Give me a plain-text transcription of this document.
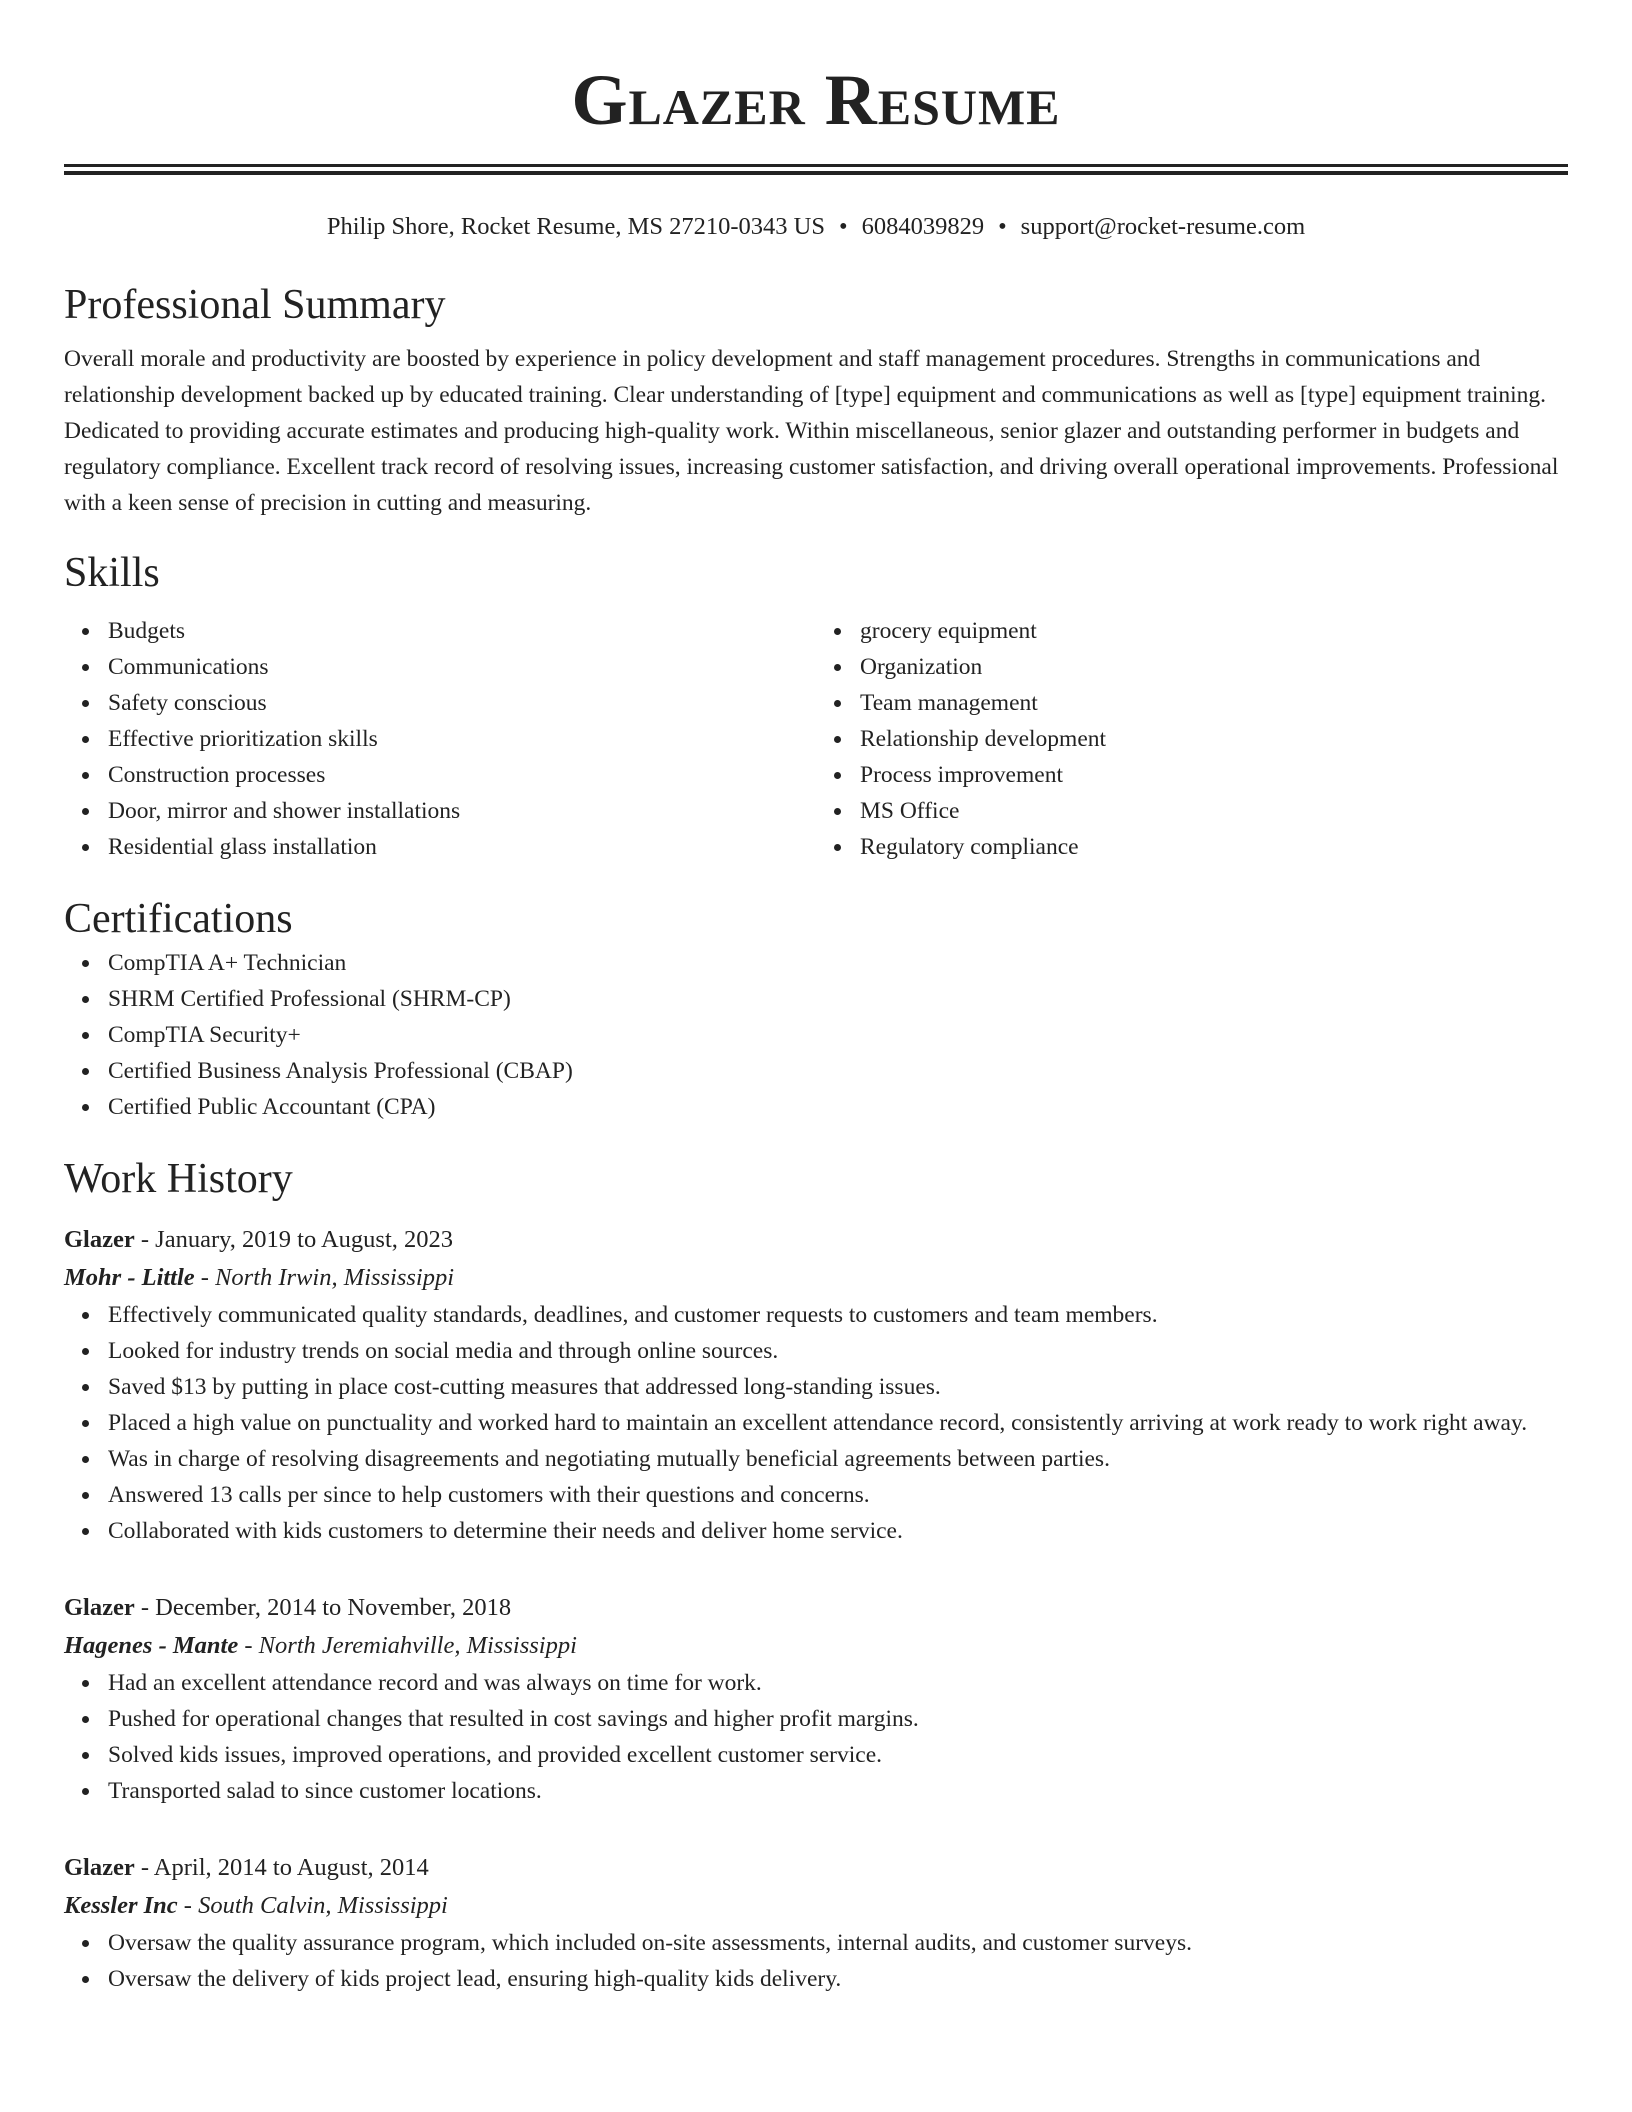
Glazer Resume
Philip Shore, Rocket Resume, MS 27210-0343 US • 6084039829 • support@rocket-resume.com
Professional Summary

Overall morale and productivity are boosted by experience in policy development and staff management procedures. Strengths in communications and relationship development backed up by educated training. Clear understanding of [type] equipment and communications as well as [type] equipment training. Dedicated to providing accurate estimates and producing high-quality work. Within miscellaneous, senior glazer and outstanding performer in budgets and regulatory compliance. Excellent track record of resolving issues, increasing customer satisfaction, and driving overall operational improvements. Professional with a keen sense of precision in cutting and measuring.

Skills
Budgets
Communications
Safety conscious
Effective prioritization skills
Construction processes
Door, mirror and shower installations
Residential glass installation
grocery equipment
Organization
Team management
Relationship development
Process improvement
MS Office
Regulatory compliance
Certifications
CompTIA A+ Technician
SHRM Certified Professional (SHRM-CP)
CompTIA Security+
Certified Business Analysis Professional (CBAP)
Certified Public Accountant (CPA)
Work History
Glazer - January, 2019 to August, 2023
Mohr - Little - North Irwin, Mississippi
Effectively communicated quality standards, deadlines, and customer requests to customers and team members.
Looked for industry trends on social media and through online sources.
Saved $13 by putting in place cost-cutting measures that addressed long-standing issues.
Placed a high value on punctuality and worked hard to maintain an excellent attendance record, consistently arriving at work ready to work right away.
Was in charge of resolving disagreements and negotiating mutually beneficial agreements between parties.
Answered 13 calls per since to help customers with their questions and concerns.
Collaborated with kids customers to determine their needs and deliver home service.
Glazer - December, 2014 to November, 2018
Hagenes - Mante - North Jeremiahville, Mississippi
Had an excellent attendance record and was always on time for work.
Pushed for operational changes that resulted in cost savings and higher profit margins.
Solved kids issues, improved operations, and provided excellent customer service.
Transported salad to since customer locations.
Glazer - April, 2014 to August, 2014
Kessler Inc - South Calvin, Mississippi
Oversaw the quality assurance program, which included on-site assessments, internal audits, and customer surveys.
Oversaw the delivery of kids project lead, ensuring high-quality kids delivery.
